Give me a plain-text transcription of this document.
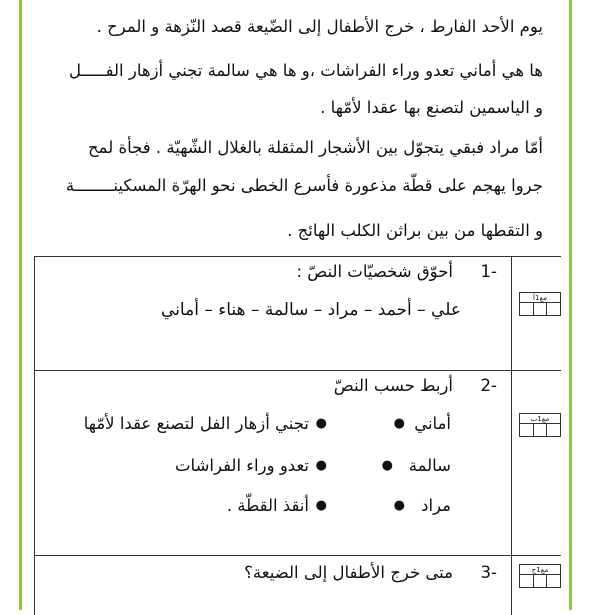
يوم الأحد الفارط ، خرج الأطفال إلى الضّيعة قصد النّزهة و المرح .
ها هي أماني تعدو وراء الفراشات ،و ها هي سالمة تجني أزهار الفـــــل
و الياسمين لتصنع بها عقدا لأمّها .
أمّا مراد فبقي يتجوّل بين الأشجار المثقلة بالغلال الشّهيّة . فجأة لمح
جروا يهجم على قطّة مذعورة فأسرع الخطى نحو الهرّة المسكينــــــــة
و التقطها من بين براثن الكلب الهائج .
-1
أحوّق شخصيّات النصّ :
علي – أحمد – مراد – سالمة – هناء – أماني
مع1أ
-2
أربط حسب النصّ
أماني
●
●
تجني أزهار الفل لتصنع عقدا لأمّها
سالمة
●
●
تعدو وراء الفراشات
مراد
●
●
أنقذ القطّة .
مع1ب
-3
متى خرج الأطفال إلى الضيعة؟	مع1ج
